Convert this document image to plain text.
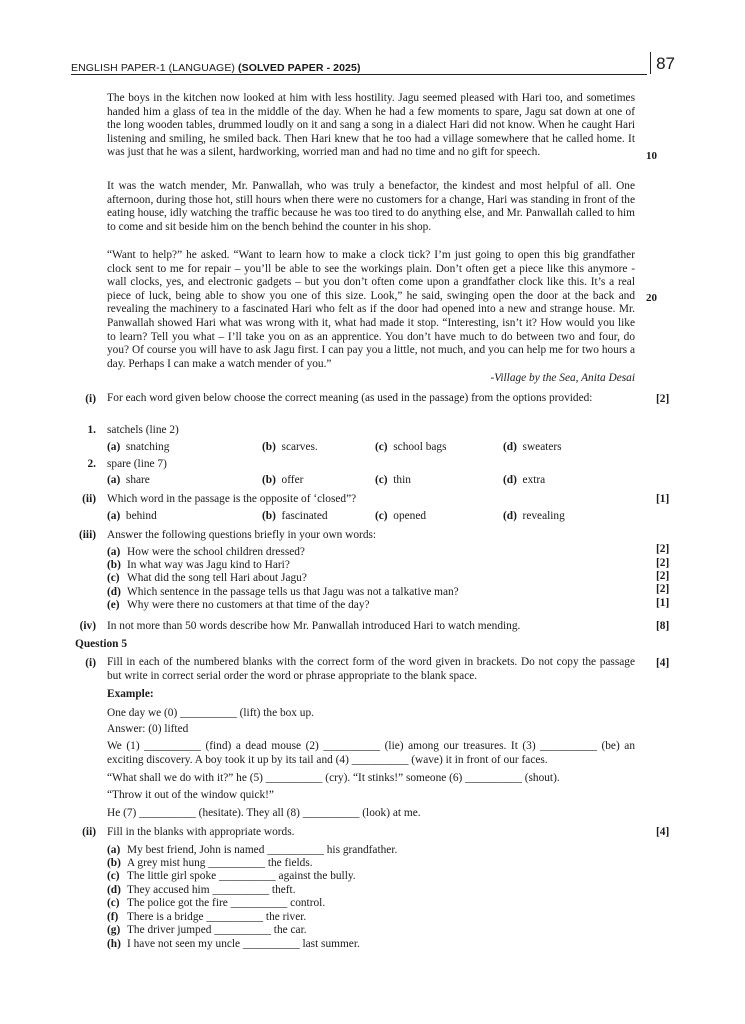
ENGLISH PAPER-1 (LANGUAGE) (SOLVED PAPER - 2025)	87

The boys in the kitchen now looked at him with less hostility. Jagu seemed pleased with Hari too, and sometimes handed him a glass of tea in the middle of the day. When he had a few moments to spare, Jagu sat down at one of the long wooden tables, drummed loudly on it and sang a song in a dialect Hari did not know. When he caught Hari listening and smiling, he smiled back. Then Hari knew that he too had a village somewhere that he called home. It was just that he was a silent, hardworking, worried man and had no time and no gift for speech.	10

It was the watch mender, Mr. Panwallah, who was truly a benefactor, the kindest and most helpful of all. One afternoon, during those hot, still hours when there were no customers for a change, Hari was standing in front of the eating house, idly watching the traffic because he was too tired to do anything else, and Mr. Panwallah called to him to come and sit beside him on the bench behind the counter in his shop.

“Want to help?” he asked. “Want to learn how to make a clock tick? I’m just going to open this big grandfather clock sent to me for repair – you’ll be able to see the workings plain. Don’t often get a piece like this anymore - wall clocks, yes, and electronic gadgets – but you don’t often come upon a grandfather clock like this. It’s a real piece of luck, being able to show you one of this size. Look,” he said, swinging open the door at the back and revealing the machinery to a fascinated Hari who felt as if the door had opened into a new and strange house. Mr. Panwallah showed Hari what was wrong with it, what had made it stop. “Interesting, isn’t it? How would you like to learn? Tell you what – I’ll take you on as an apprentice. You don’t have much to do between two and four, do you? Of course you will have to ask Jagu first. I can pay you a little, not much, and you can help me for two hours a day. Perhaps I can make a watch mender of you.”

20
-Village by the Sea, Anita Desai
(i) For each word given below choose the correct meaning (as used in the passage) from the options provided:	[2]
1. satchels (line 2)
(a) snatching	(b) scarves.	(c) school bags	(d) sweaters
2. spare (line 7)
(a) share	(b) offer	(c) thin	(d) extra
(ii) Which word in the passage is the opposite of ‘closed”?	[1]
(a) behind	(b) fascinated	(c) opened	(d) revealing
(iii) Answer the following questions briefly in your own words:
(a) How were the school children dressed?	[2]
(b) In what way was Jagu kind to Hari?	[2]
(c) What did the song tell Hari about Jagu?	[2]
(d) Which sentence in the passage tells us that Jagu was not a talkative man?	[2]
(e) Why were there no customers at that time of the day?	[1]
(iv) In not more than 50 words describe how Mr. Panwallah introduced Hari to watch mending.	[8]
Question 5
(i) Fill in each of the numbered blanks with the correct form of the word given in brackets. Do not copy the passage but write in correct serial order the word or phrase appropriate to the blank space.

[4]
Example:
One day we (0) __________ (lift) the box up.
Answer: (0) lifted

We (1) __________ (find) a dead mouse (2) __________ (lie) among our treasures. It (3) __________ (be) an exciting discovery. A boy took it up by its tail and (4) __________ (wave) it in front of our faces.

“What shall we do with it?” he (5) __________ (cry). “It stinks!” someone (6) __________ (shout).
“Throw it out of the window quick!”
He (7) __________ (hesitate). They all (8) __________ (look) at me.
(ii) Fill in the blanks with appropriate words.	[4]
(a) My best friend, John is named __________ his grandfather.
(b) A grey mist hung __________ the fields.
(c) The little girl spoke __________ against the bully.
(d) They accused him __________ theft.
(c) The police got the fire __________ control.
(f) There is a bridge __________ the river.
(g) The driver jumped __________ the car.
(h) I have not seen my uncle __________ last summer.
